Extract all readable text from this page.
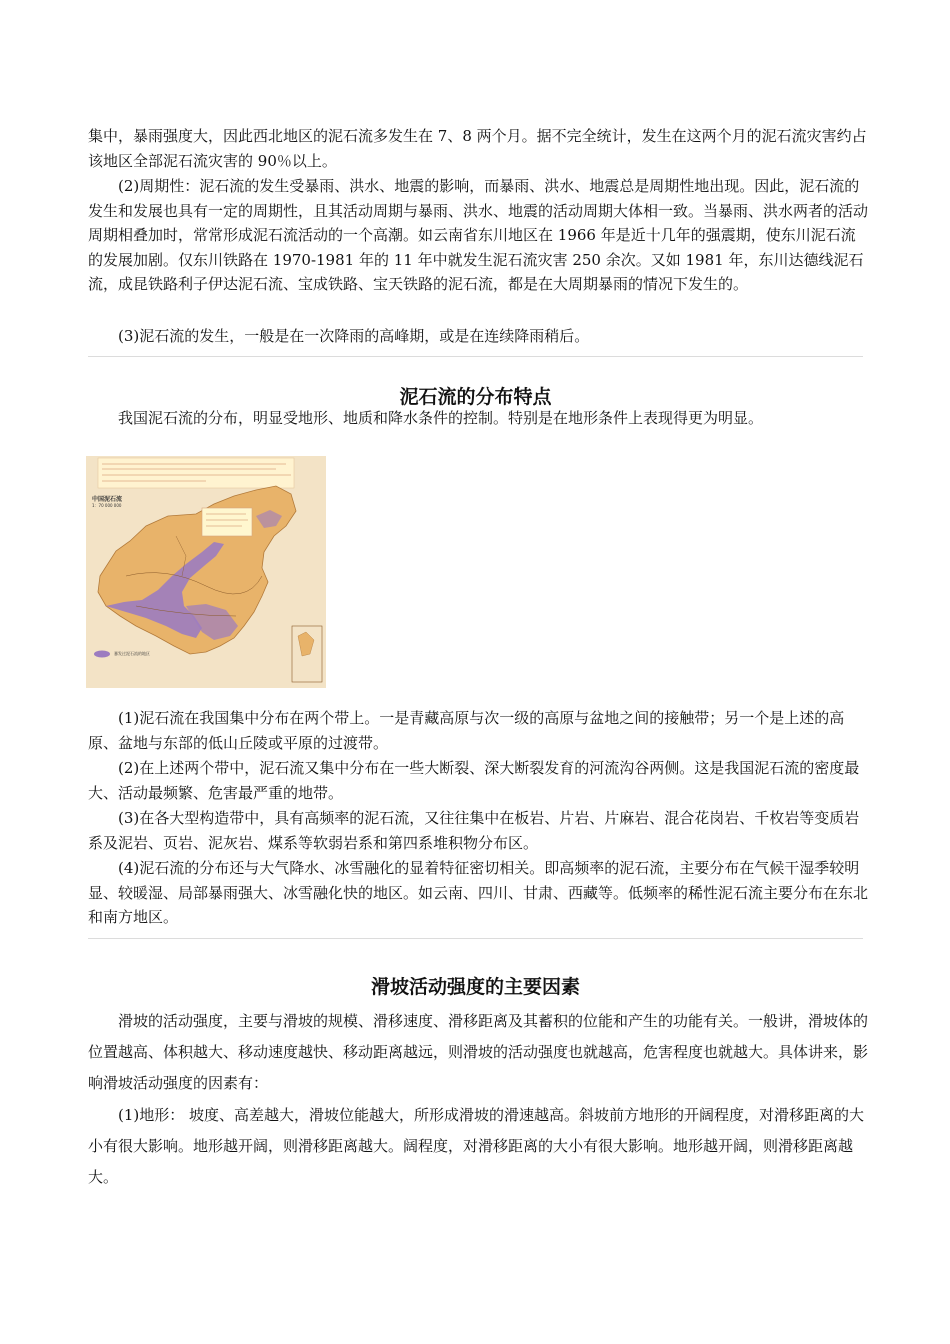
集中，暴雨强度大，因此西北地区的泥石流多发生在 7、8 两个月。据不完全统计，发生在这两个月的泥石流灾害约占该地区全部泥石流灾害的 90％以上。

(2)周期性：泥石流的发生受暴雨、洪水、地震的影响，而暴雨、洪水、地震总是周期性地出现。因此，泥石流的发生和发展也具有一定的周期性，且其活动周期与暴雨、洪水、地震的活动周期大体相一致。当暴雨、洪水两者的活动周期相叠加时，常常形成泥石流活动的一个高潮。如云南省东川地区在 1966 年是近十几年的强震期，使东川泥石流的发展加剧。仅东川铁路在 1970-1981 年的 11 年中就发生泥石流灾害 250 余次。又如 1981 年，东川达德线泥石流，成昆铁路利子伊达泥石流、宝成铁路、宝天铁路的泥石流，都是在大周期暴雨的情况下发生的。

(3)泥石流的发生，一般是在一次降雨的高峰期，或是在连续降雨稍后。

泥石流的分布特点

我国泥石流的分布，明显受地形、地质和降水条件的控制。特别是在地形条件上表现得更为明显。

中国泥石流
1：70 000 000
暴发过泥石流的地区

(1)泥石流在我国集中分布在两个带上。一是青藏高原与次一级的高原与盆地之间的接触带；另一个是上述的高原、盆地与东部的低山丘陵或平原的过渡带。

(2)在上述两个带中，泥石流又集中分布在一些大断裂、深大断裂发育的河流沟谷两侧。这是我国泥石流的密度最大、活动最频繁、危害最严重的地带。

(3)在各大型构造带中，具有高频率的泥石流，又往往集中在板岩、片岩、片麻岩、混合花岗岩、千枚岩等变质岩系及泥岩、页岩、泥灰岩、煤系等软弱岩系和第四系堆积物分布区。

(4)泥石流的分布还与大气降水、冰雪融化的显着特征密切相关。即高频率的泥石流，主要分布在气候干湿季较明显、较暖湿、局部暴雨强大、冰雪融化快的地区。如云南、四川、甘肃、西藏等。低频率的稀性泥石流主要分布在东北和南方地区。

滑坡活动强度的主要因素

滑坡的活动强度，主要与滑坡的规模、滑移速度、滑移距离及其蓄积的位能和产生的功能有关。一般讲，滑坡体的位置越高、体积越大、移动速度越快、移动距离越远，则滑坡的活动强度也就越高，危害程度也就越大。具体讲来，影响滑坡活动强度的因素有：

(1)地形： 坡度、高差越大，滑坡位能越大，所形成滑坡的滑速越高。斜坡前方地形的开阔程度，对滑移距离的大小有很大影响。地形越开阔，则滑移距离越大。阔程度，对滑移距离的大小有很大影响。地形越开阔，则滑移距离越大。
